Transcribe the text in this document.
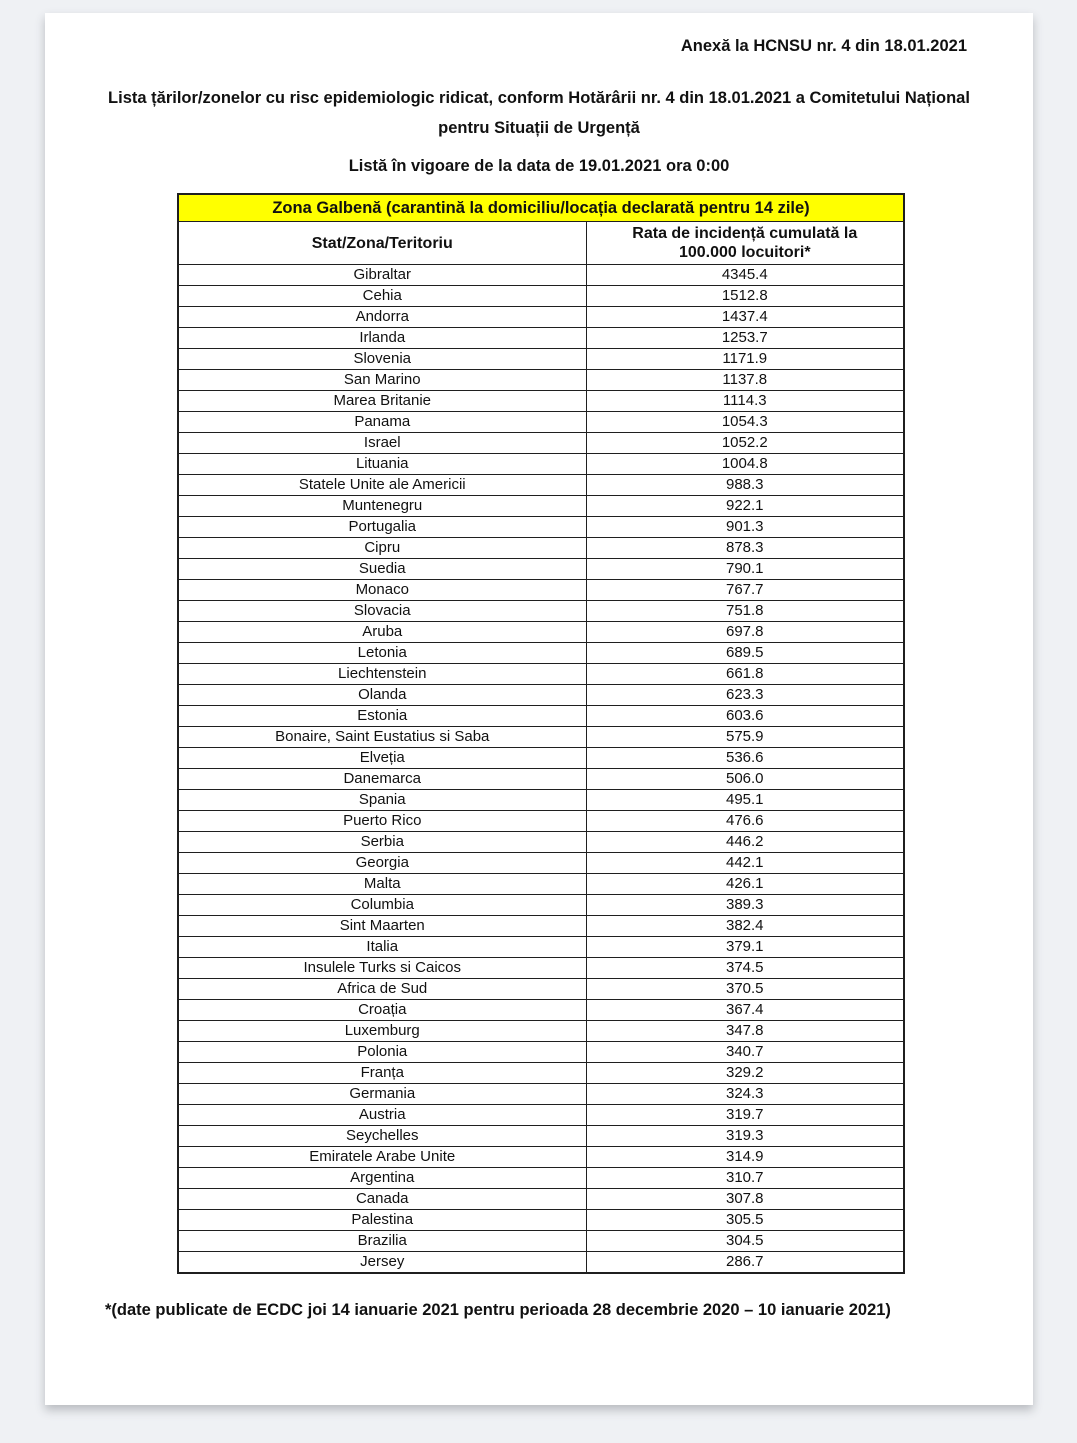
Anexă la HCNSU nr. 4 din 18.01.2021
Lista țărilor/zonelor cu risc epidemiologic ridicat, conform Hotărârii nr. 4 din 18.01.2021 a Comitetului Național pentru Situații de Urgență
Listă în vigoare de la data de 19.01.2021 ora 0:00
Zona Galbenă (carantină la domiciliu/locația declarată pentru 14 zile)	
Stat/Zona/Teritoriu	Rata de incidență cumulată la 100.000 locuitori*
Gibraltar	4345.4
Cehia	1512.8
Andorra	1437.4
Irlanda	1253.7
Slovenia	1171.9
San Marino	1137.8
Marea Britanie	1114.3
Panama	1054.3
Israel	1052.2
Lituania	1004.8
Statele Unite ale Americii	988.3
Muntenegru	922.1
Portugalia	901.3
Cipru	878.3
Suedia	790.1
Monaco	767.7
Slovacia	751.8
Aruba	697.8
Letonia	689.5
Liechtenstein	661.8
Olanda	623.3
Estonia	603.6
Bonaire, Saint Eustatius si Saba	575.9
Elveția	536.6
Danemarca	506.0
Spania	495.1
Puerto Rico	476.6
Serbia	446.2
Georgia	442.1
Malta	426.1
Columbia	389.3
Sint Maarten	382.4
Italia	379.1
Insulele Turks si Caicos	374.5
Africa de Sud	370.5
Croația	367.4
Luxemburg	347.8
Polonia	340.7
Franța	329.2
Germania	324.3
Austria	319.7
Seychelles	319.3
Emiratele Arabe Unite	314.9
Argentina	310.7
Canada	307.8
Palestina	305.5
Brazilia	304.5
Jersey	286.7
*(date publicate de ECDC joi 14 ianuarie 2021 pentru perioada 28 decembrie 2020 – 10 ianuarie 2021)
